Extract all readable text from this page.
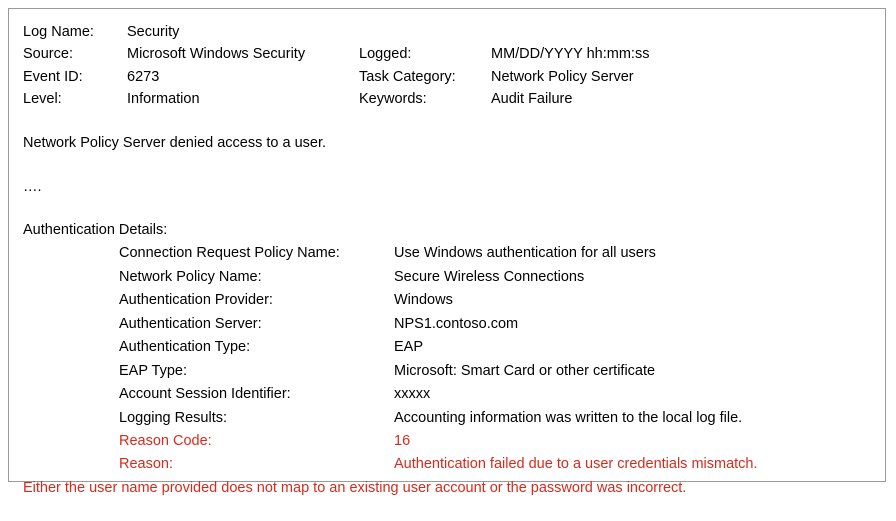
Log Name:	Security		
Source:	Microsoft Windows Security	Logged:	MM/DD/YYYY hh:mm:ss
Event ID:	6273	Task Category:	Network Policy Server
Level:	Information	Keywords:	Audit Failure
Network Policy Server denied access to a user.
….
Authentication Details:
Connection Request Policy Name:	Use Windows authentication for all users
Network Policy Name:	Secure Wireless Connections
Authentication Provider:	Windows
Authentication Server:	NPS1.contoso.com
Authentication Type:	EAP
EAP Type:	Microsoft: Smart Card or other certificate
Account Session Identifier:	xxxxx
Logging Results:	Accounting information was written to the local log file.
Reason Code:	16
Reason:	Authentication failed due to a user credentials mismatch.
Either the user name provided does not map to an existing user account or the password was incorrect.
